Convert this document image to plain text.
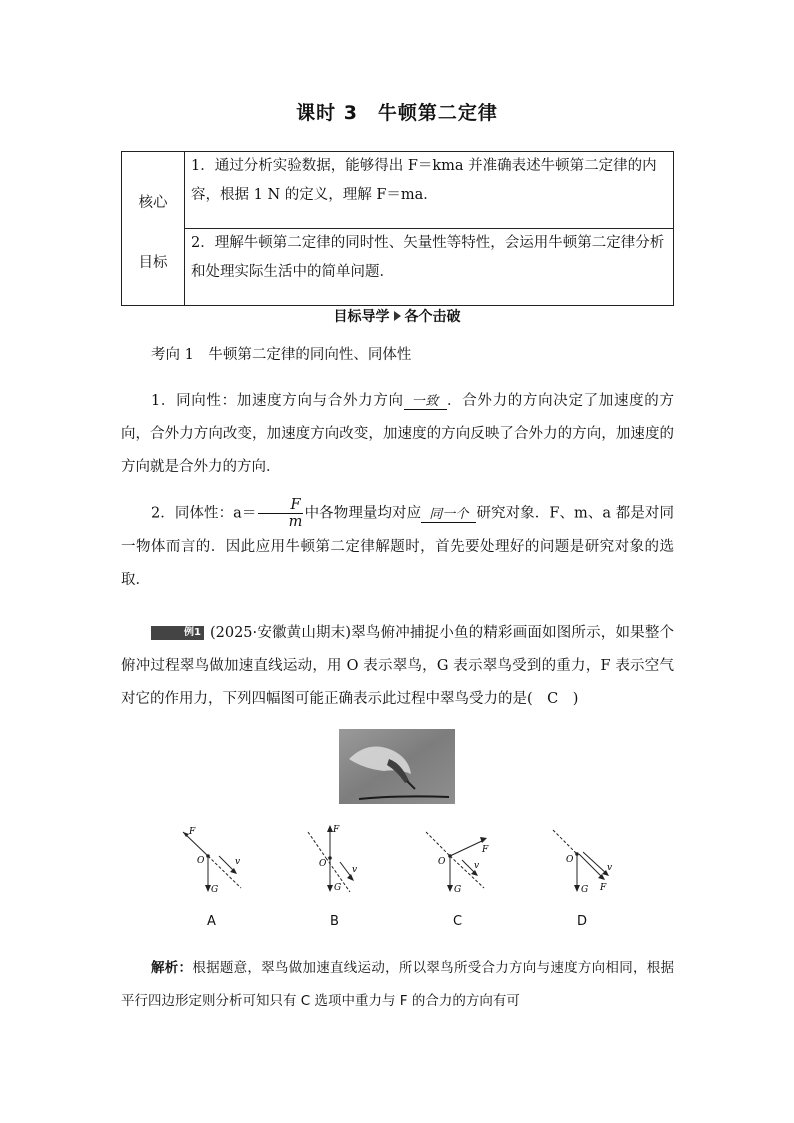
课时 3　牛顿第二定律
核心
目标
	1．通过分析实验数据，能够得出 F＝kma 并准确表述牛顿第二定律的内容，根据 1 N 的定义，理解 F＝ma．
2．理解牛顿第二定律的同时性、矢量性等特性，会运用牛顿第二定律分析和处理实际生活中的简单问题．
目标导学 各个击破
考向 1　牛顿第二定律的同向性、同体性
1．同向性：加速度方向与合外力方向 一致 ．合外力的方向决定了加速度的方向，合外力方向改变，加速度方向改变，加速度的方向反映了合外力的方向，加速度的方向就是合外力的方向．
2．同体性：$a= \frac{F}{m}$ 中各物理量均对应 同一个 研究对象．F、m、a 都是对同一物体而言的．因此应用牛顿第二定律解题时，首先要处理好的问题是研究对象的选取．
例1 (2025·安徽黄山期末)翠鸟俯冲捕捉小鱼的精彩画面如图所示，如果整个俯冲过程翠鸟做加速直线运动，用 O 表示翠鸟，G 表示翠鸟受到的重力，F 表示空气对它的作用力，下列四幅图可能正确表示此过程中翠鸟受力的是(　C　)
F
O
G
v
F
O
G
v
F
O
G
v
O
G F
v
A	B	C	D
解析：根据题意，翠鸟做加速直线运动，所以翠鸟所受合力方向与速度方向相同，根据平行四边形定则分析可知只有 C 选项中重力与 F 的合力的方向有可
